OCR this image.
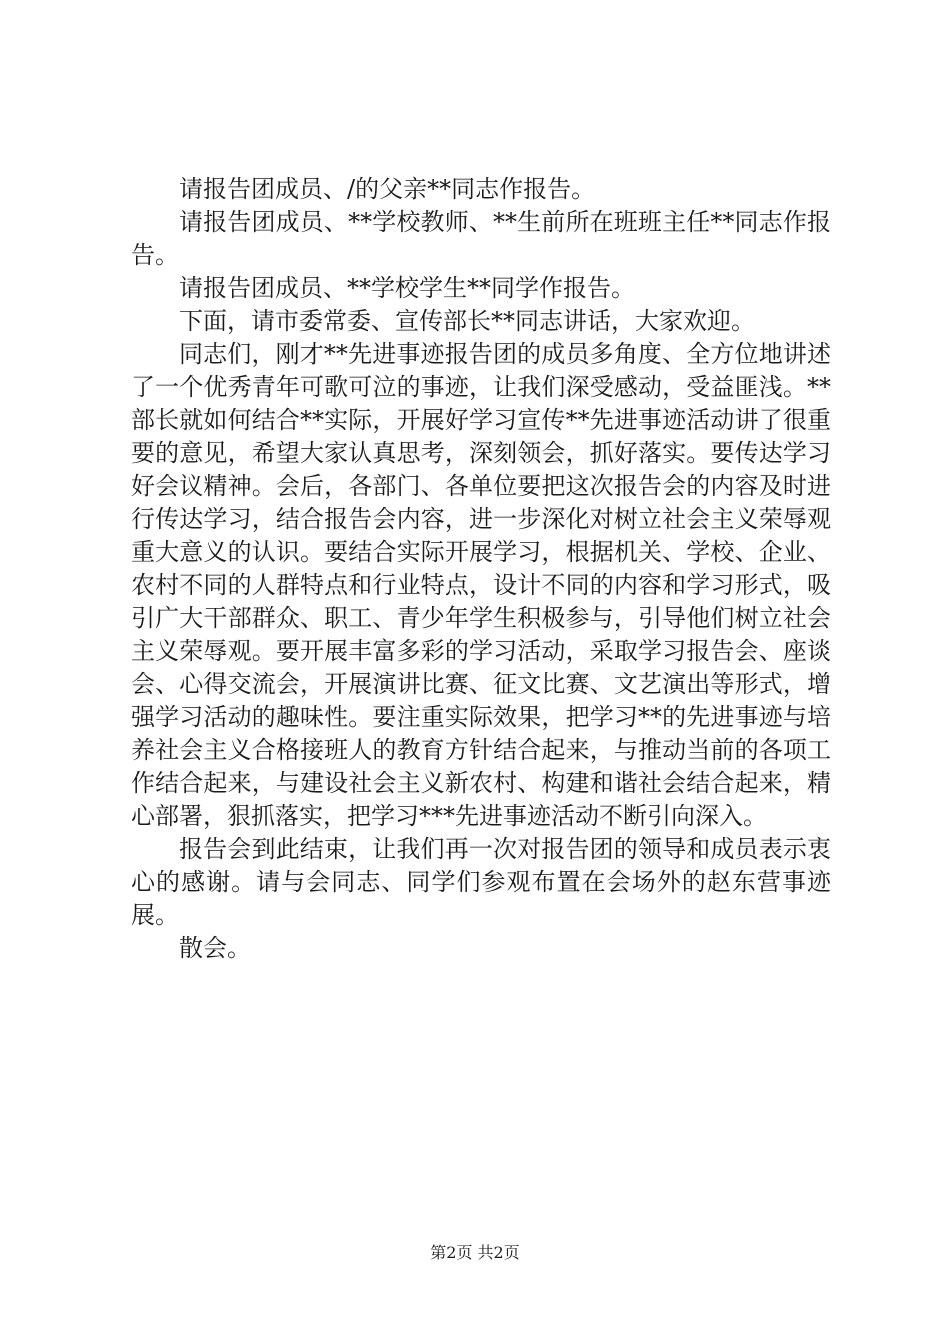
请报告团成员、/的父亲**同志作报告。

请报告团成员、**学校教师、**生前所在班班主任**同志作报告。

请报告团成员、**学校学生**同学作报告。

下面，请市委常委、宣传部长**同志讲话，大家欢迎。

同志们，刚才**先进事迹报告团的成员多角度、全方位地讲述了一个优秀青年可歌可泣的事迹，让我们深受感动，受益匪浅。**部长就如何结合**实际，开展好学习宣传**先进事迹活动讲了很重要的意见，希望大家认真思考，深刻领会，抓好落实。要传达学习好会议精神。会后，各部门、各单位要把这次报告会的内容及时进行传达学习，结合报告会内容，进一步深化对树立社会主义荣辱观重大意义的认识。要结合实际开展学习，根据机关、学校、企业、农村不同的人群特点和行业特点，设计不同的内容和学习形式，吸引广大干部群众、职工、青少年学生积极参与，引导他们树立社会主义荣辱观。要开展丰富多彩的学习活动，采取学习报告会、座谈会、心得交流会，开展演讲比赛、征文比赛、文艺演出等形式，增强学习活动的趣味性。要注重实际效果，把学习**的先进事迹与培养社会主义合格接班人的教育方针结合起来，与推动当前的各项工作结合起来，与建设社会主义新农村、构建和谐社会结合起来，精心部署，狠抓落实，把学习***先进事迹活动不断引向深入。

报告会到此结束，让我们再一次对报告团的领导和成员表示衷心的感谢。请与会同志、同学们参观布置在会场外的赵东营事迹展。

散会。

第2页 共2页
